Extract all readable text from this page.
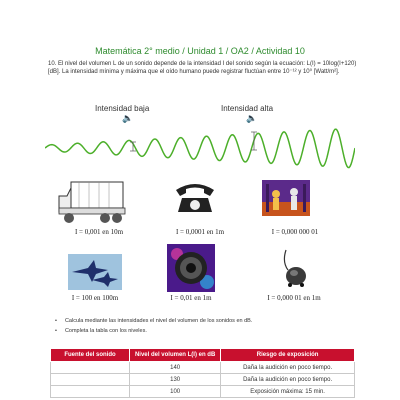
Matemática 2° medio / Unidad 1 / OA2 / Actividad 10
10. El nivel del volumen L de un sonido depende de la intensidad I del sonido según la ecuación: L(I) = 10log(I+120)[dB]. La intensidad mínima y máxima que el oído humano puede registrar fluctúan entre 10⁻¹² y 10⁰ [Watt/m²].
Intensidad baja	Intensidad alta
🔈	🔈
I = 0,001 en 10m	I = 0,0001 en 1m	I = 0,000 000 01
I = 100 en 100m	I = 0,01 en 1m	I = 0,000 01 en 1m
• Calcula mediante las intensidades el nivel del volumen de los sonidos en dB.
• Completa la tabla con los niveles.
Fuente del sonido	Nivel del volumen L(I) en dB	Riesgo de exposición
	140	Daña la audición en poco tiempo.
	130	Daña la audición en poco tiempo.
	100	Exposición máxima: 15 min.
